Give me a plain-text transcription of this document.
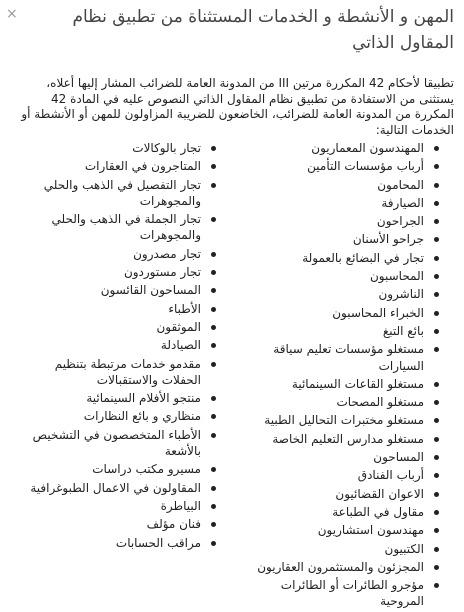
×	المهن و الأنشطة و الخدمات المستثناة من تطبيق نظام المقاول الذاتي

تطبيقا لأحكام 42 المكررة مرتين III من المدونة العامة للضرائب المشار إليها أعلاه، يستثنى من الاستفادة من تطبيق نظام المقاول الذاتي النصوص عليه في المادة 42 المكررة من المدونة العامة للضرائب، الخاضعون للضريبة المزاولون للمهن أو الأنشطة أو الخدمات التالية:

المهندسون المعماريون
أرباب مؤسسات التأمين
المحامون
الصيارفة
الجراحون
جراحو الأسنان
تجار في البضائع بالعمولة
المحاسبون
الناشرون
الخبراء المحاسبون
بائع التبغ
مستغلو مؤسسات تعليم سياقة السيارات
مستغلو القاعات السينمائية
مستغلو المصحات
مستغلو مختبرات التحاليل الطبية
مستغلو مدارس التعليم الخاصة
المساحون
أرباب الفنادق
الاعوان القضائيون
مقاول في الطباعة
مهندسون استشاريون
الكتبيون
المجزئون والمستثمرون العقاريون
مؤجرو الطائرات أو الطائرات المروحية
تجار بالوكالات
المتاجرون في العقارات
تجار التفصيل في الذهب والحلي والمجوهرات
تجار الجملة في الذهب والحلي والمجوهرات
تجار مصدرون
تجار مستوردون
المساحون القائسون
الأطباء
الموثقون
الصيادلة
مقدمو خدمات مرتبطة بتنظيم الحفلات والاستقبالات
منتجو الأفلام السينمائية
منظاري و بائع النظارات
الأطباء المتخصصون في التشخيص بالأشعة
مسيرو مكتب دراسات
المقاولون في الاعمال الطبوغرافية
البياطرة
فنان مؤلف
مراقب الحسابات
